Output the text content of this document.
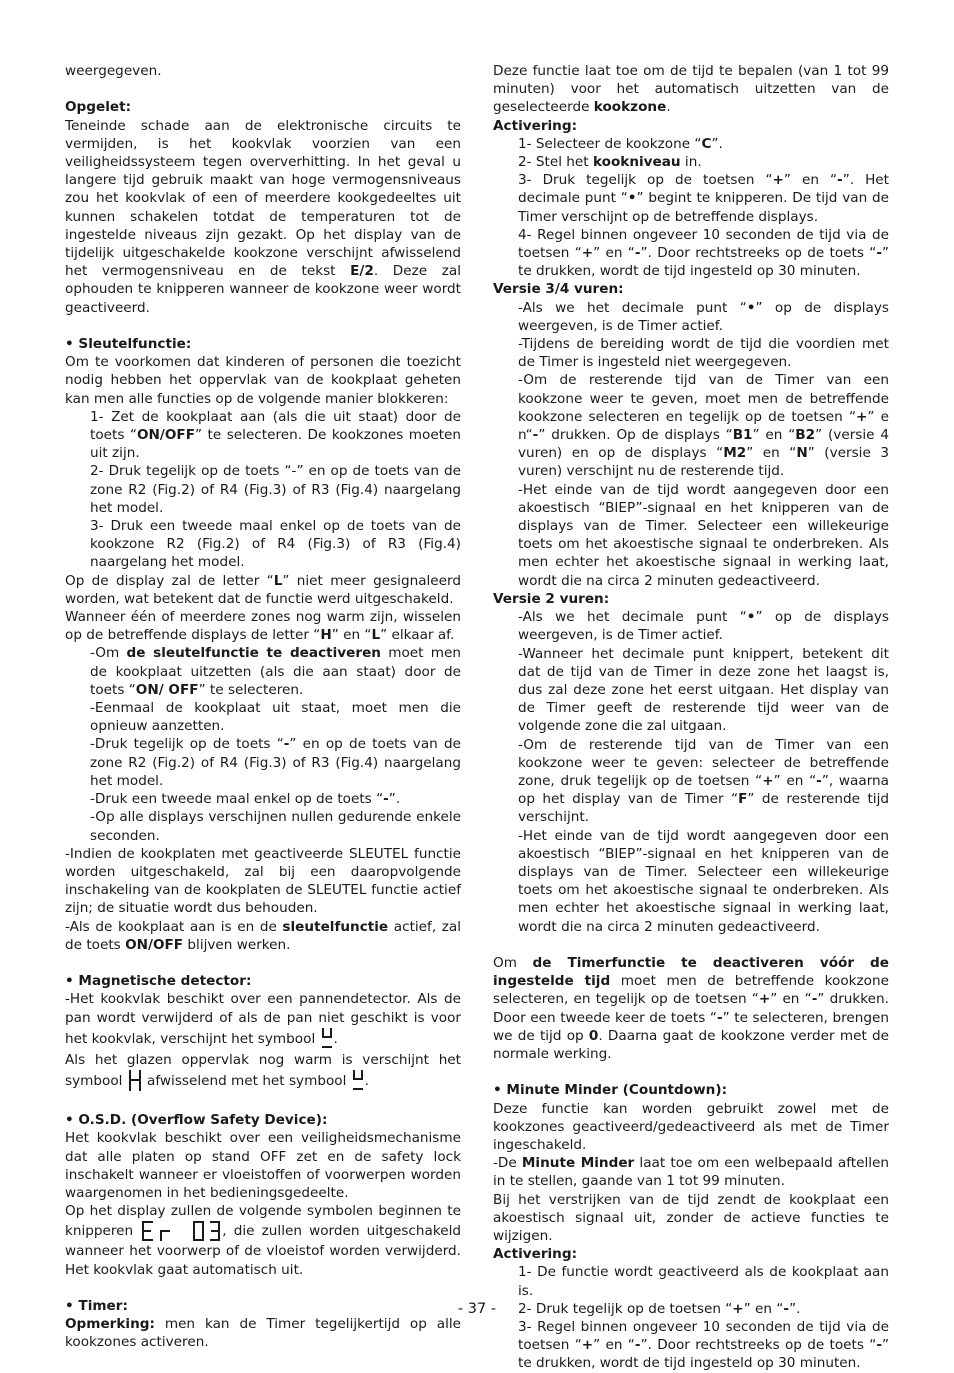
weergegeven.

Opgelet:

Teneinde schade aan de elektronische circuits te vermijden, is het kookvlak voorzien van een veiligheidssysteem tegen oververhitting. In het geval u langere tijd gebruik maakt van hoge vermogensniveaus zou het kookvlak of een of meerdere kookgedeeltes uit kunnen schakelen totdat de temperaturen tot de ingestelde niveaus zijn gezakt. Op het display van de tijdelijk uitgeschakelde kookzone verschijnt afwisselend het vermogensniveau en de tekst E/2. Deze zal ophouden te knipperen wanneer de kookzone weer wordt geactiveerd.

• Sleutelfunctie:

Om te voorkomen dat kinderen of personen die toezicht nodig hebben het oppervlak van de kookplaat geheten kan men alle functies op de volgende manier blokkeren:

1- Zet de kookplaat aan (als die uit staat) door de toets “ON/OFF” te selecteren. De kookzones moeten uit zijn.

2- Druk tegelijk op de toets “-” en op de toets van de zone R2 (Fig.2) of R4 (Fig.3) of R3 (Fig.4) naargelang het model.

3- Druk een tweede maal enkel op de toets van de kookzone R2 (Fig.2) of R4 (Fig.3) of R3 (Fig.4) naargelang het model.

Op de display zal de letter “L” niet meer gesignaleerd worden, wat betekent dat de functie werd uitgeschakeld.

Wanneer één of meerdere zones nog warm zijn, wisselen op de betreffende displays de letter “H” en “L” elkaar af.

-Om de sleutelfunctie te deactiveren moet men de kookplaat uitzetten (als die aan staat) door de toets “ON/ OFF” te selecteren.

-Eenmaal de kookplaat uit staat, moet men die opnieuw aanzetten.

-Druk tegelijk op de toets “-” en op de toets van de zone R2 (Fig.2) of R4 (Fig.3) of R3 (Fig.4) naargelang het model.

-Druk een tweede maal enkel op de toets “-”.

-Op alle displays verschijnen nullen gedurende enkele seconden.

-Indien de kookplaten met geactiveerde SLEUTEL functie worden uitgeschakeld, zal bij een daaropvolgende inschakeling van de kookplaten de SLEUTEL functie actief zijn; de situatie wordt dus behouden.

-Als de kookplaat aan is en de sleutelfunctie actief, zal de toets ON/OFF blijven werken.

• Magnetische detector:

-Het kookvlak beschikt over een pannendetector. Als de pan wordt verwijderd of als de pan niet geschikt is voor het kookvlak, verschijnt het symbool .

Als het glazen oppervlak nog warm is verschijnt het symbool  afwisselend met het symbool .

• O.S.D. (Overflow Safety Device):

Het kookvlak beschikt over een veiligheidsmechanisme dat alle platen op stand OFF zet en de safety lock inschakelt wanneer er vloeistoffen of voorwerpen worden waargenomen in het bedieningsgedeelte.

Op het display zullen de volgende symbolen beginnen te knipperen	, die zullen worden uitgeschakeld wanneer het voorwerp of de vloeistof worden verwijderd. Het kookvlak gaat automatisch uit.

• Timer:

Opmerking: men kan de Timer tegelijkertijd op alle kookzones activeren.

Deze functie laat toe om de tijd te bepalen (van 1 tot 99 minuten) voor het automatisch uitzetten van de geselecteerde kookzone.

Activering:

1- Selecteer de kookzone “C”.

2- Stel het kookniveau in.

3- Druk tegelijk op de toetsen “+” en “-”. Het decimale punt “•” begint te knipperen. De tijd van de Timer verschijnt op de betreffende displays.

4- Regel binnen ongeveer 10 seconden de tijd via de toetsen “+” en “-”. Door rechtstreeks op de toets “-” te drukken, wordt de tijd ingesteld op 30 minuten.

Versie 3/4 vuren:

-Als we het decimale punt “•” op de displays weergeven, is de Timer actief.

-Tijdens de bereiding wordt de tijd die voordien met de Timer is ingesteld niet weergegeven.

-Om de resterende tijd van de Timer van een kookzone weer te geven, moet men de betreffende kookzone selecteren en tegelijk op de toetsen “+” e n“-” drukken. Op de displays “B1” en “B2” (versie 4 vuren) en op de displays “M2” en “N” (versie 3 vuren) verschijnt nu de resterende tijd.

-Het einde van de tijd wordt aangegeven door een akoestisch “BIEP”-signaal en het knipperen van de displays van de Timer. Selecteer een willekeurige toets om het akoestische signaal te onderbreken. Als men echter het akoestische signaal in werking laat, wordt die na circa 2 minuten gedeactiveerd.

Versie 2 vuren:

-Als we het decimale punt “•” op de displays weergeven, is de Timer actief.

-Wanneer het decimale punt knippert, betekent dit dat de tijd van de Timer in deze zone het laagst is, dus zal deze zone het eerst uitgaan. Het display van de Timer geeft de resterende tijd weer van de volgende zone die zal uitgaan.

-Om de resterende tijd van de Timer van een kookzone weer te geven: selecteer de betreffende zone, druk tegelijk op de toetsen “+” en “-”, waarna op het display van de Timer “F” de resterende tijd verschijnt.

-Het einde van de tijd wordt aangegeven door een akoestisch “BIEP”-signaal en het knipperen van de displays van de Timer. Selecteer een willekeurige toets om het akoestische signaal te onderbreken. Als men echter het akoestische signaal in werking laat, wordt die na circa 2 minuten gedeactiveerd.

Om de Timerfunctie te deactiveren vóór de ingestelde tijd moet men de betreffende kookzone selecteren, en tegelijk op de toetsen “+” en “-” drukken. Door een tweede keer de toets “-” te selecteren, brengen we de tijd op 0. Daarna gaat de kookzone verder met de normale werking.

• Minute Minder (Countdown):

Deze functie kan worden gebruikt zowel met de kookzones geactiveerd/gedeactiveerd als met de Timer ingeschakeld.

-De Minute Minder laat toe om een welbepaald aftellen in te stellen, gaande van 1 tot 99 minuten.

Bij het verstrijken van de tijd zendt de kookplaat een akoestisch signaal uit, zonder de actieve functies te wijzigen.

Activering:

1- De functie wordt geactiveerd als de kookplaat aan is.

2- Druk tegelijk op de toetsen “+” en “-”.

3- Regel binnen ongeveer 10 seconden de tijd via de toetsen “+” en “-”. Door rechtstreeks op de toets “-” te drukken, wordt de tijd ingesteld op 30 minuten.

- 37 -
